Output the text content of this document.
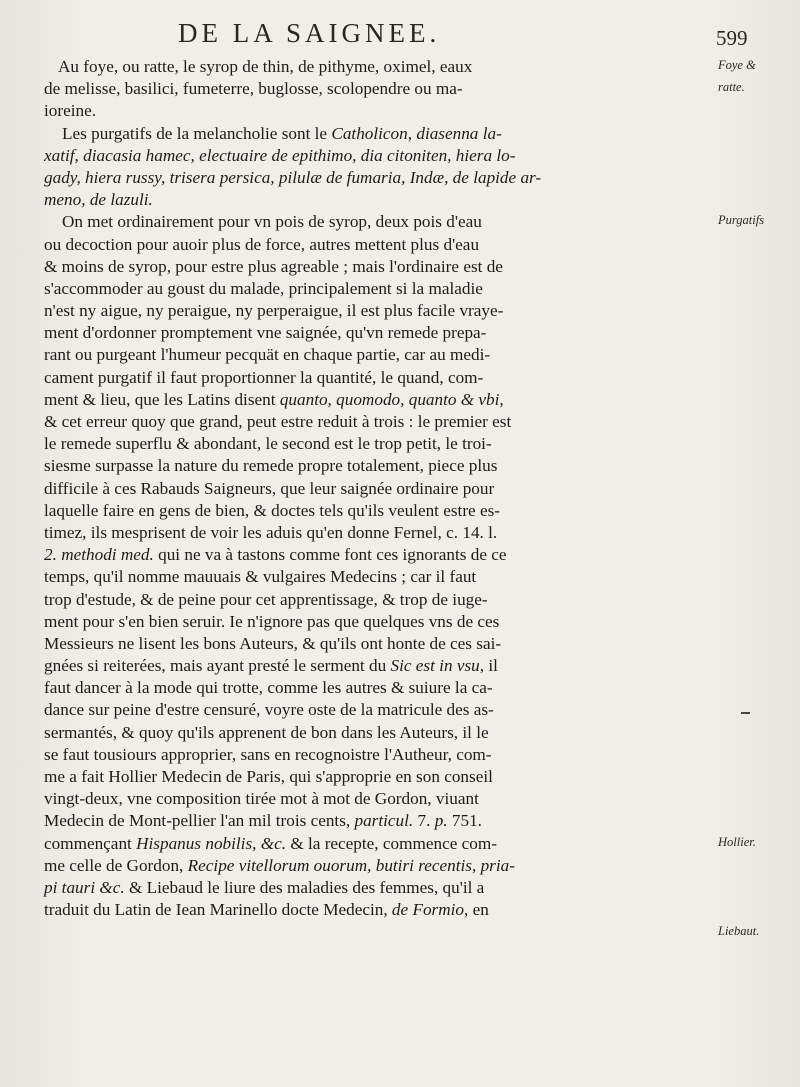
DE LA SAIGNEE.	599
Au foye, ou ratte, le syrop de thin, de pithyme, oximel, eaux
de melisse, basilici, fumeterre, buglosse, scolopendre ou ma-
ioreine.
Les purgatifs de la melancholie sont le Catholicon, diasenna la-
xatif, diacasia hamec, electuaire de epithimo, dia citoniten, hiera lo-
gady, hiera russy, trisera persica, pilulæ de fumaria, Indæ, de lapide ar-
meno, de lazuli.
On met ordinairement pour vn pois de syrop, deux pois d'eau
ou decoction pour auoir plus de force, autres mettent plus d'eau
& moins de syrop, pour estre plus agreable ; mais l'ordinaire est de
s'accommoder au goust du malade, principalement si la maladie
n'est ny aigue, ny peraigue, ny perperaigue, il est plus facile vraye-
ment d'ordonner promptement vne saignée, qu'vn remede prepa-
rant ou purgeant l'humeur pecquät en chaque partie, car au medi-
cament purgatif il faut proportionner la quantité, le quand, com-
ment & lieu, que les Latins disent quanto, quomodo, quanto & vbi,
& cet erreur quoy que grand, peut estre reduit à trois : le premier est
le remede superflu & abondant, le second est le trop petit, le troi-
siesme surpasse la nature du remede propre totalement, piece plus
difficile à ces Rabauds Saigneurs, que leur saignée ordinaire pour
laquelle faire en gens de bien, & doctes tels qu'ils veulent estre es-
timez, ils mesprisent de voir les aduis qu'en donne Fernel, c. 14. l.
2. methodi med. qui ne va à tastons comme font ces ignorants de ce
temps, qu'il nomme mauuais & vulgaires Medecins ; car il faut
trop d'estude, & de peine pour cet apprentissage, & trop de iuge-
ment pour s'en bien seruir. Ie n'ignore pas que quelques vns de ces
Messieurs ne lisent les bons Auteurs, & qu'ils ont honte de ces sai-
gnées si reiterées, mais ayant presté le serment du Sic est in vsu, il
faut dancer à la mode qui trotte, comme les autres & suiure la ca-
dance sur peine d'estre censuré, voyre oste de la matricule des as-
sermantés, & quoy qu'ils apprenent de bon dans les Auteurs, il le
se faut tousiours approprier, sans en recognoistre l'Autheur, com-
me a fait Hollier Medecin de Paris, qui s'approprie en son conseil
vingt-deux, vne composition tirée mot à mot de Gordon, viuant
Medecin de Mont-pellier l'an mil trois cents, particul. 7. p. 751.
commençant Hispanus nobilis, &c. & la recepte, commence com-
me celle de Gordon, Recipe vitellorum ouorum, butiri recentis, pria-
pi tauri &c. & Liebaud le liure des maladies des femmes, qu'il a
traduit du Latin de Iean Marinello docte Medecin, de Formio, en
Foye &
ratte.
Purgatifs
Hollier.
Liebaut.
